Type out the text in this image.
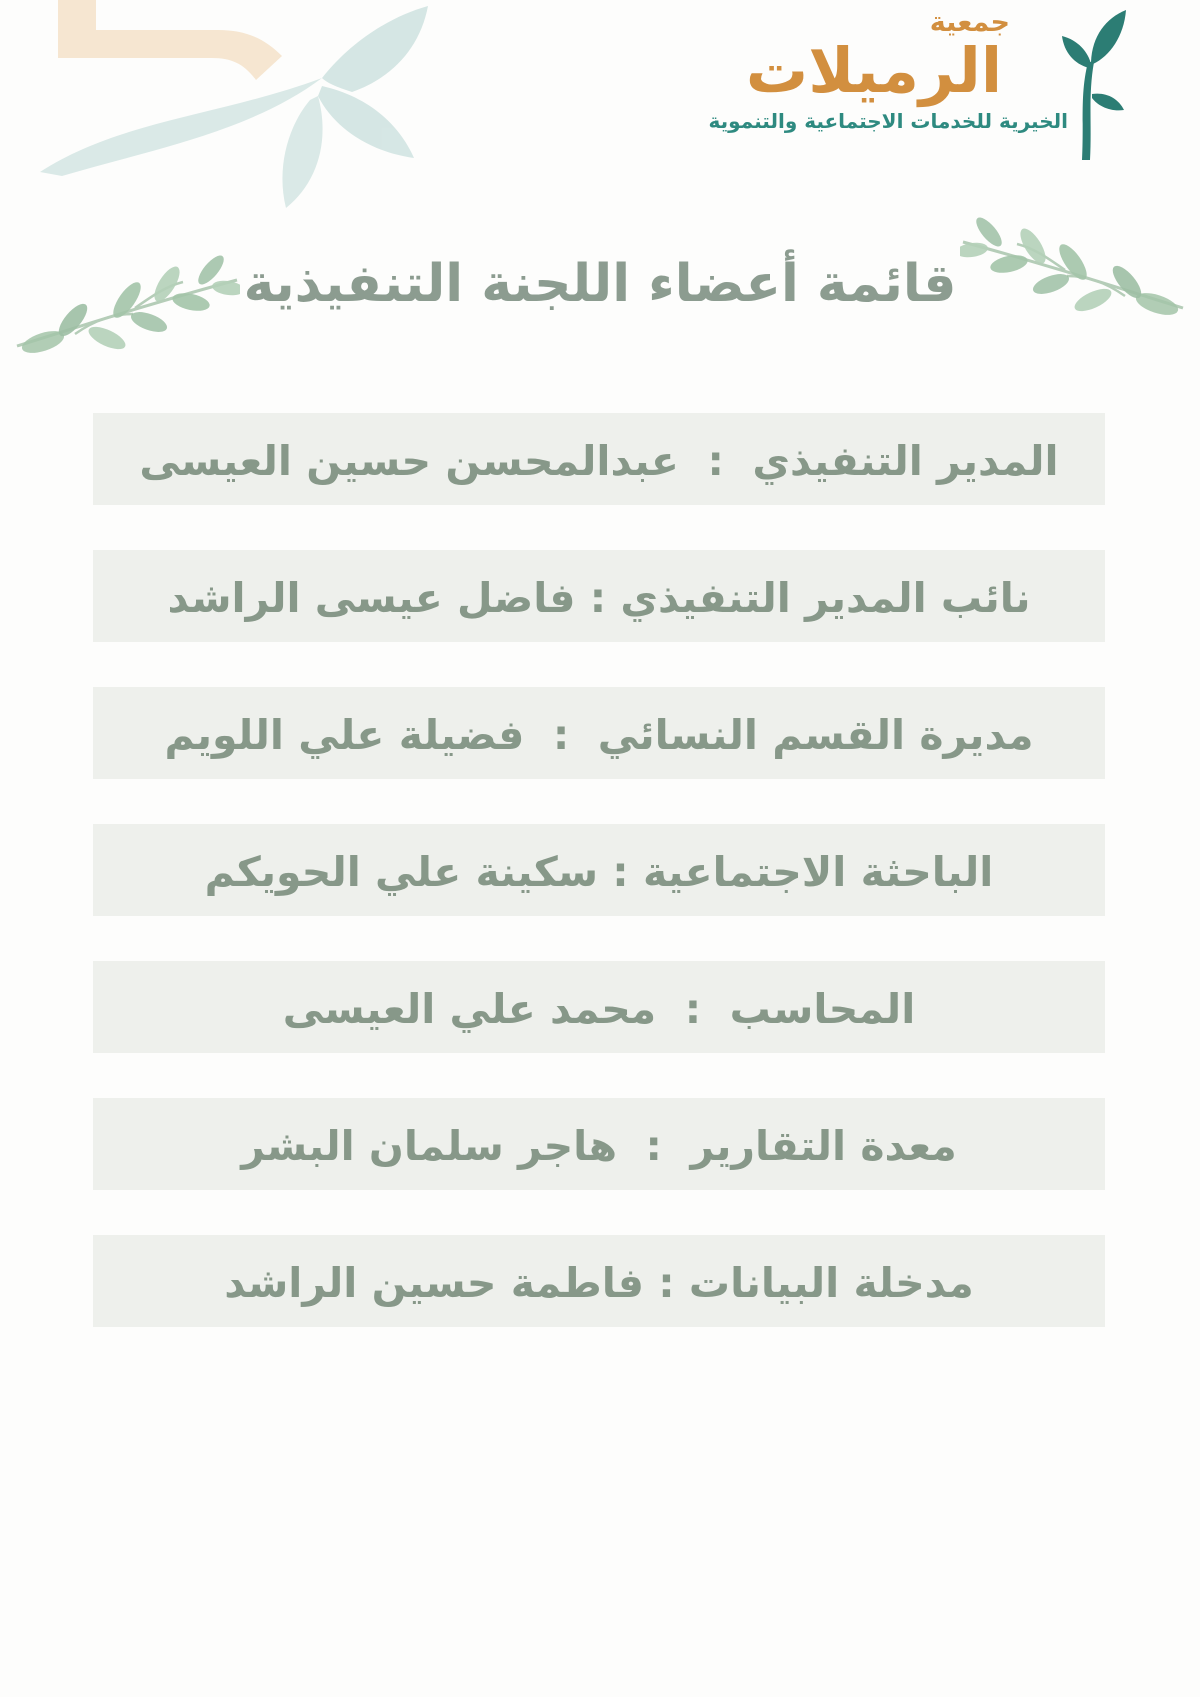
جمعية
الرميلات
الخيرية للخدمات الاجتماعية والتنموية
قائمة أعضاء اللجنة التنفيذية
المدير التنفيذي  :  عبدالمحسن حسين العيسى
نائب المدير التنفيذي : فاضل عيسى الراشد
مديرة القسم النسائي  :  فضيلة علي اللويم
الباحثة الاجتماعية : سكينة علي الحويكم
المحاسب  :  محمد علي العيسى
معدة التقارير  :  هاجر سلمان البشر
مدخلة البيانات : فاطمة حسين الراشد
